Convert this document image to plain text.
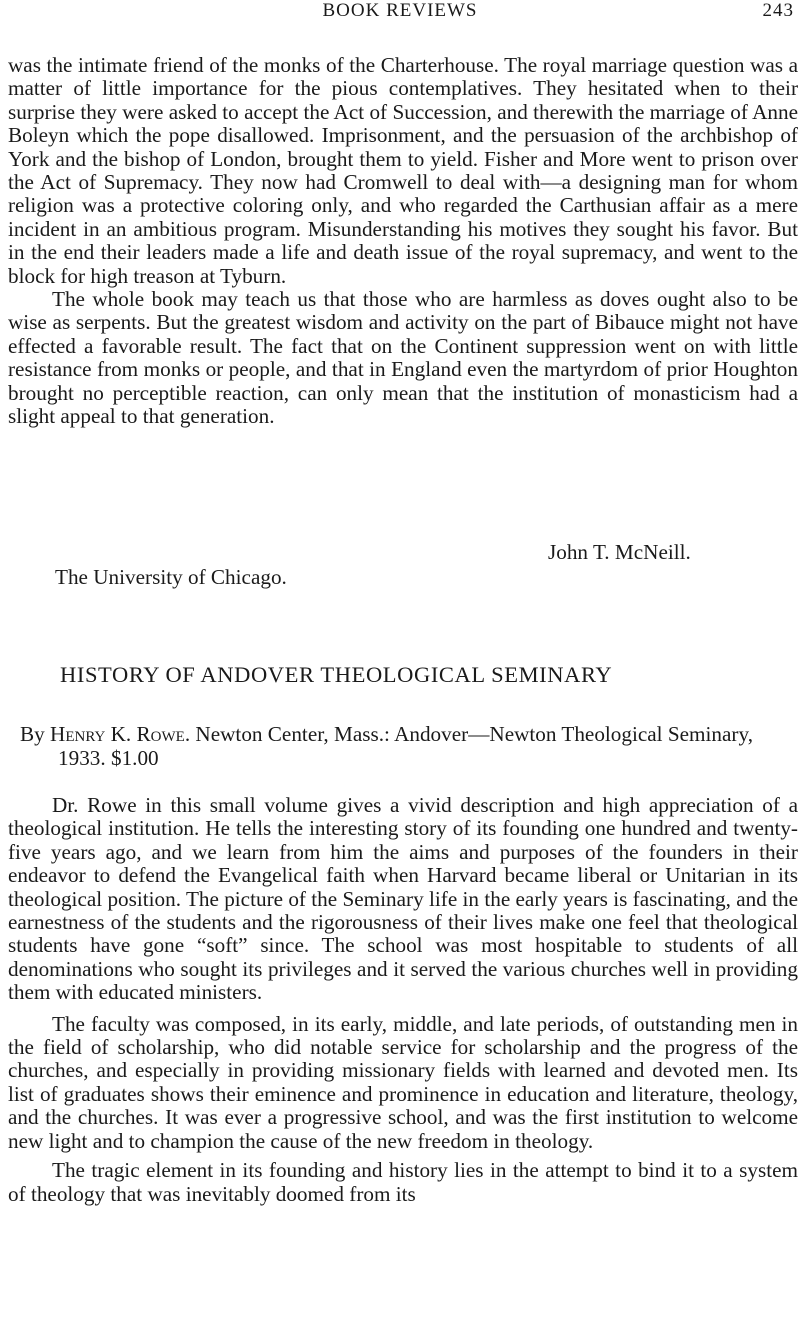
BOOK REVIEWS	243

was the intimate friend of the monks of the Charterhouse. The royal marriage question was a matter of little importance for the pious contemplatives. They hesitated when to their surprise they were asked to accept the Act of Succession, and therewith the marriage of Anne Boleyn which the pope disallowed. Imprisonment, and the persuasion of the archbishop of York and the bishop of London, brought them to yield. Fisher and More went to prison over the Act of Supremacy. They now had Cromwell to deal with—a designing man for whom religion was a protective coloring only, and who regarded the Carthusian affair as a mere incident in an ambitious program. Misunderstanding his motives they sought his favor. But in the end their leaders made a life and death issue of the royal supremacy, and went to the block for high treason at Tyburn.

The whole book may teach us that those who are harmless as doves ought also to be wise as serpents. But the greatest wisdom and activity on the part of Bibauce might not have effected a favorable result. The fact that on the Continent suppression went on with little resistance from monks or people, and that in England even the martyrdom of prior Houghton brought no perceptible reaction, can only mean that the institution of monasticism had a slight appeal to that generation.

John T. McNeill.
The University of Chicago.
HISTORY OF ANDOVER THEOLOGICAL SEMINARY
By Henry K. Rowe. Newton Center, Mass.: Andover—Newton Theological Seminary, 1933. $1.00

Dr. Rowe in this small volume gives a vivid description and high appreciation of a theological institution. He tells the interesting story of its founding one hundred and twenty-five years ago, and we learn from him the aims and purposes of the founders in their endeavor to defend the Evangelical faith when Harvard became liberal or Unitarian in its theological position. The picture of the Seminary life in the early years is fascinating, and the earnestness of the students and the rigorousness of their lives make one feel that theological students have gone “soft” since. The school was most hospitable to students of all denominations who sought its privileges and it served the various churches well in providing them with educated ministers.

The faculty was composed, in its early, middle, and late periods, of outstanding men in the field of scholarship, who did notable service for scholarship and the progress of the churches, and especially in providing missionary fields with learned and devoted men. Its list of graduates shows their eminence and prominence in education and literature, theology, and the churches. It was ever a progressive school, and was the first institution to welcome new light and to champion the cause of the new freedom in theology.

The tragic element in its founding and history lies in the attempt to bind it to a system of theology that was inevitably doomed from its
